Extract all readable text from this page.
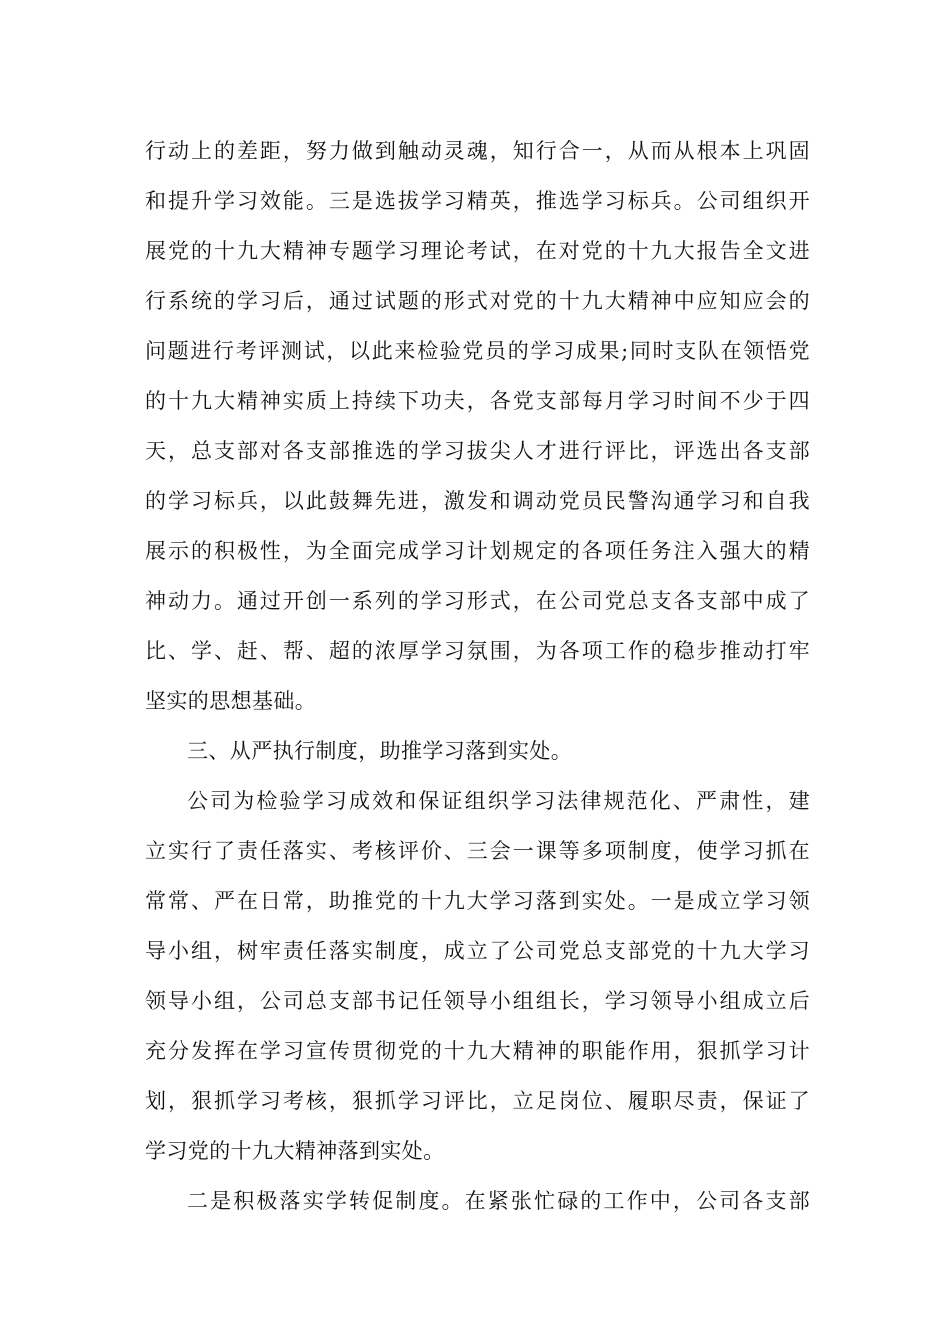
行动上的差距，努力做到触动灵魂，知行合一，从而从根本上巩固
和提升学习效能。三是选拔学习精英，推选学习标兵。公司组织开
展党的十九大精神专题学习理论考试，在对党的十九大报告全文进
行系统的学习后，通过试题的形式对党的十九大精神中应知应会的
问题进行考评测试，以此来检验党员的学习成果;同时支队在领悟党
的十九大精神实质上持续下功夫，各党支部每月学习时间不少于四
天，总支部对各支部推选的学习拔尖人才进行评比，评选出各支部
的学习标兵，以此鼓舞先进，激发和调动党员民警沟通学习和自我
展示的积极性，为全面完成学习计划规定的各项任务注入强大的精
神动力。通过开创一系列的学习形式，在公司党总支各支部中成了
比、学、赶、帮、超的浓厚学习氛围，为各项工作的稳步推动打牢
坚实的思想基础。
三、从严执行制度，助推学习落到实处。
公司为检验学习成效和保证组织学习法律规范化、严肃性，建
立实行了责任落实、考核评价、三会一课等多项制度，使学习抓在
常常、严在日常，助推党的十九大学习落到实处。一是成立学习领
导小组，树牢责任落实制度，成立了公司党总支部党的十九大学习
领导小组，公司总支部书记任领导小组组长，学习领导小组成立后
充分发挥在学习宣传贯彻党的十九大精神的职能作用，狠抓学习计
划，狠抓学习考核，狠抓学习评比，立足岗位、履职尽责，保证了
学习党的十九大精神落到实处。
二是积极落实学转促制度。在紧张忙碌的工作中，公司各支部
